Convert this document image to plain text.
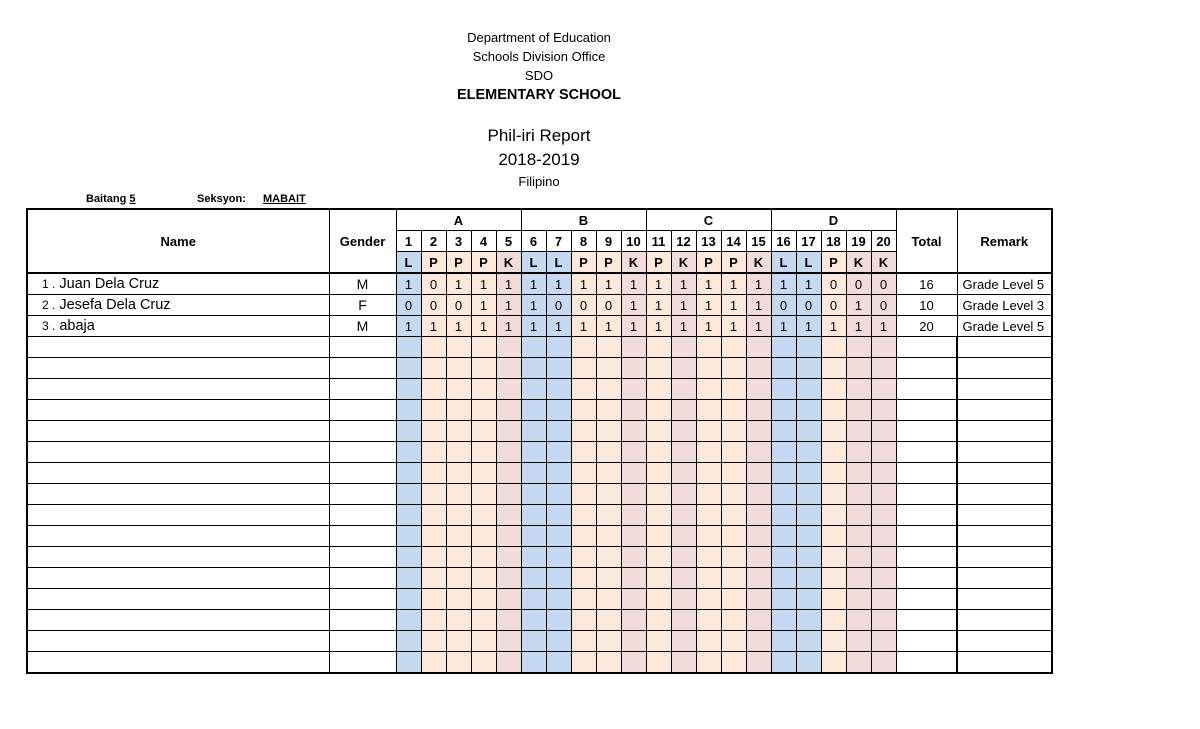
Department of Education
Schools Division Office
SDO
ELEMENTARY SCHOOL
Phil-iri Report
2018-2019
Filipino
Baitang 5	Seksyon: MABAIT
Name	Gender	A					B					C					D					Total	Remark
		1	2	3	4	5	6	7	8	9	10	11	12	13	14	15	16	17	18	19	20		
		L	P	P	P	K	L	L	P	P	K	P	K	P	P	K	L	L	P	K	K		
1 . Juan Dela Cruz	M	1	0	1	1	1	1	1	1	1	1	1	1	1	1	1	1	1	0	0	0	16	Grade Level 5
2 . Jesefa Dela Cruz	F	0	0	0	1	1	1	0	0	0	1	1	1	1	1	1	0	0	0	1	0	10	Grade Level 3
3 . abaja	M	1	1	1	1	1	1	1	1	1	1	1	1	1	1	1	1	1	1	1	1	20	Grade Level 5
